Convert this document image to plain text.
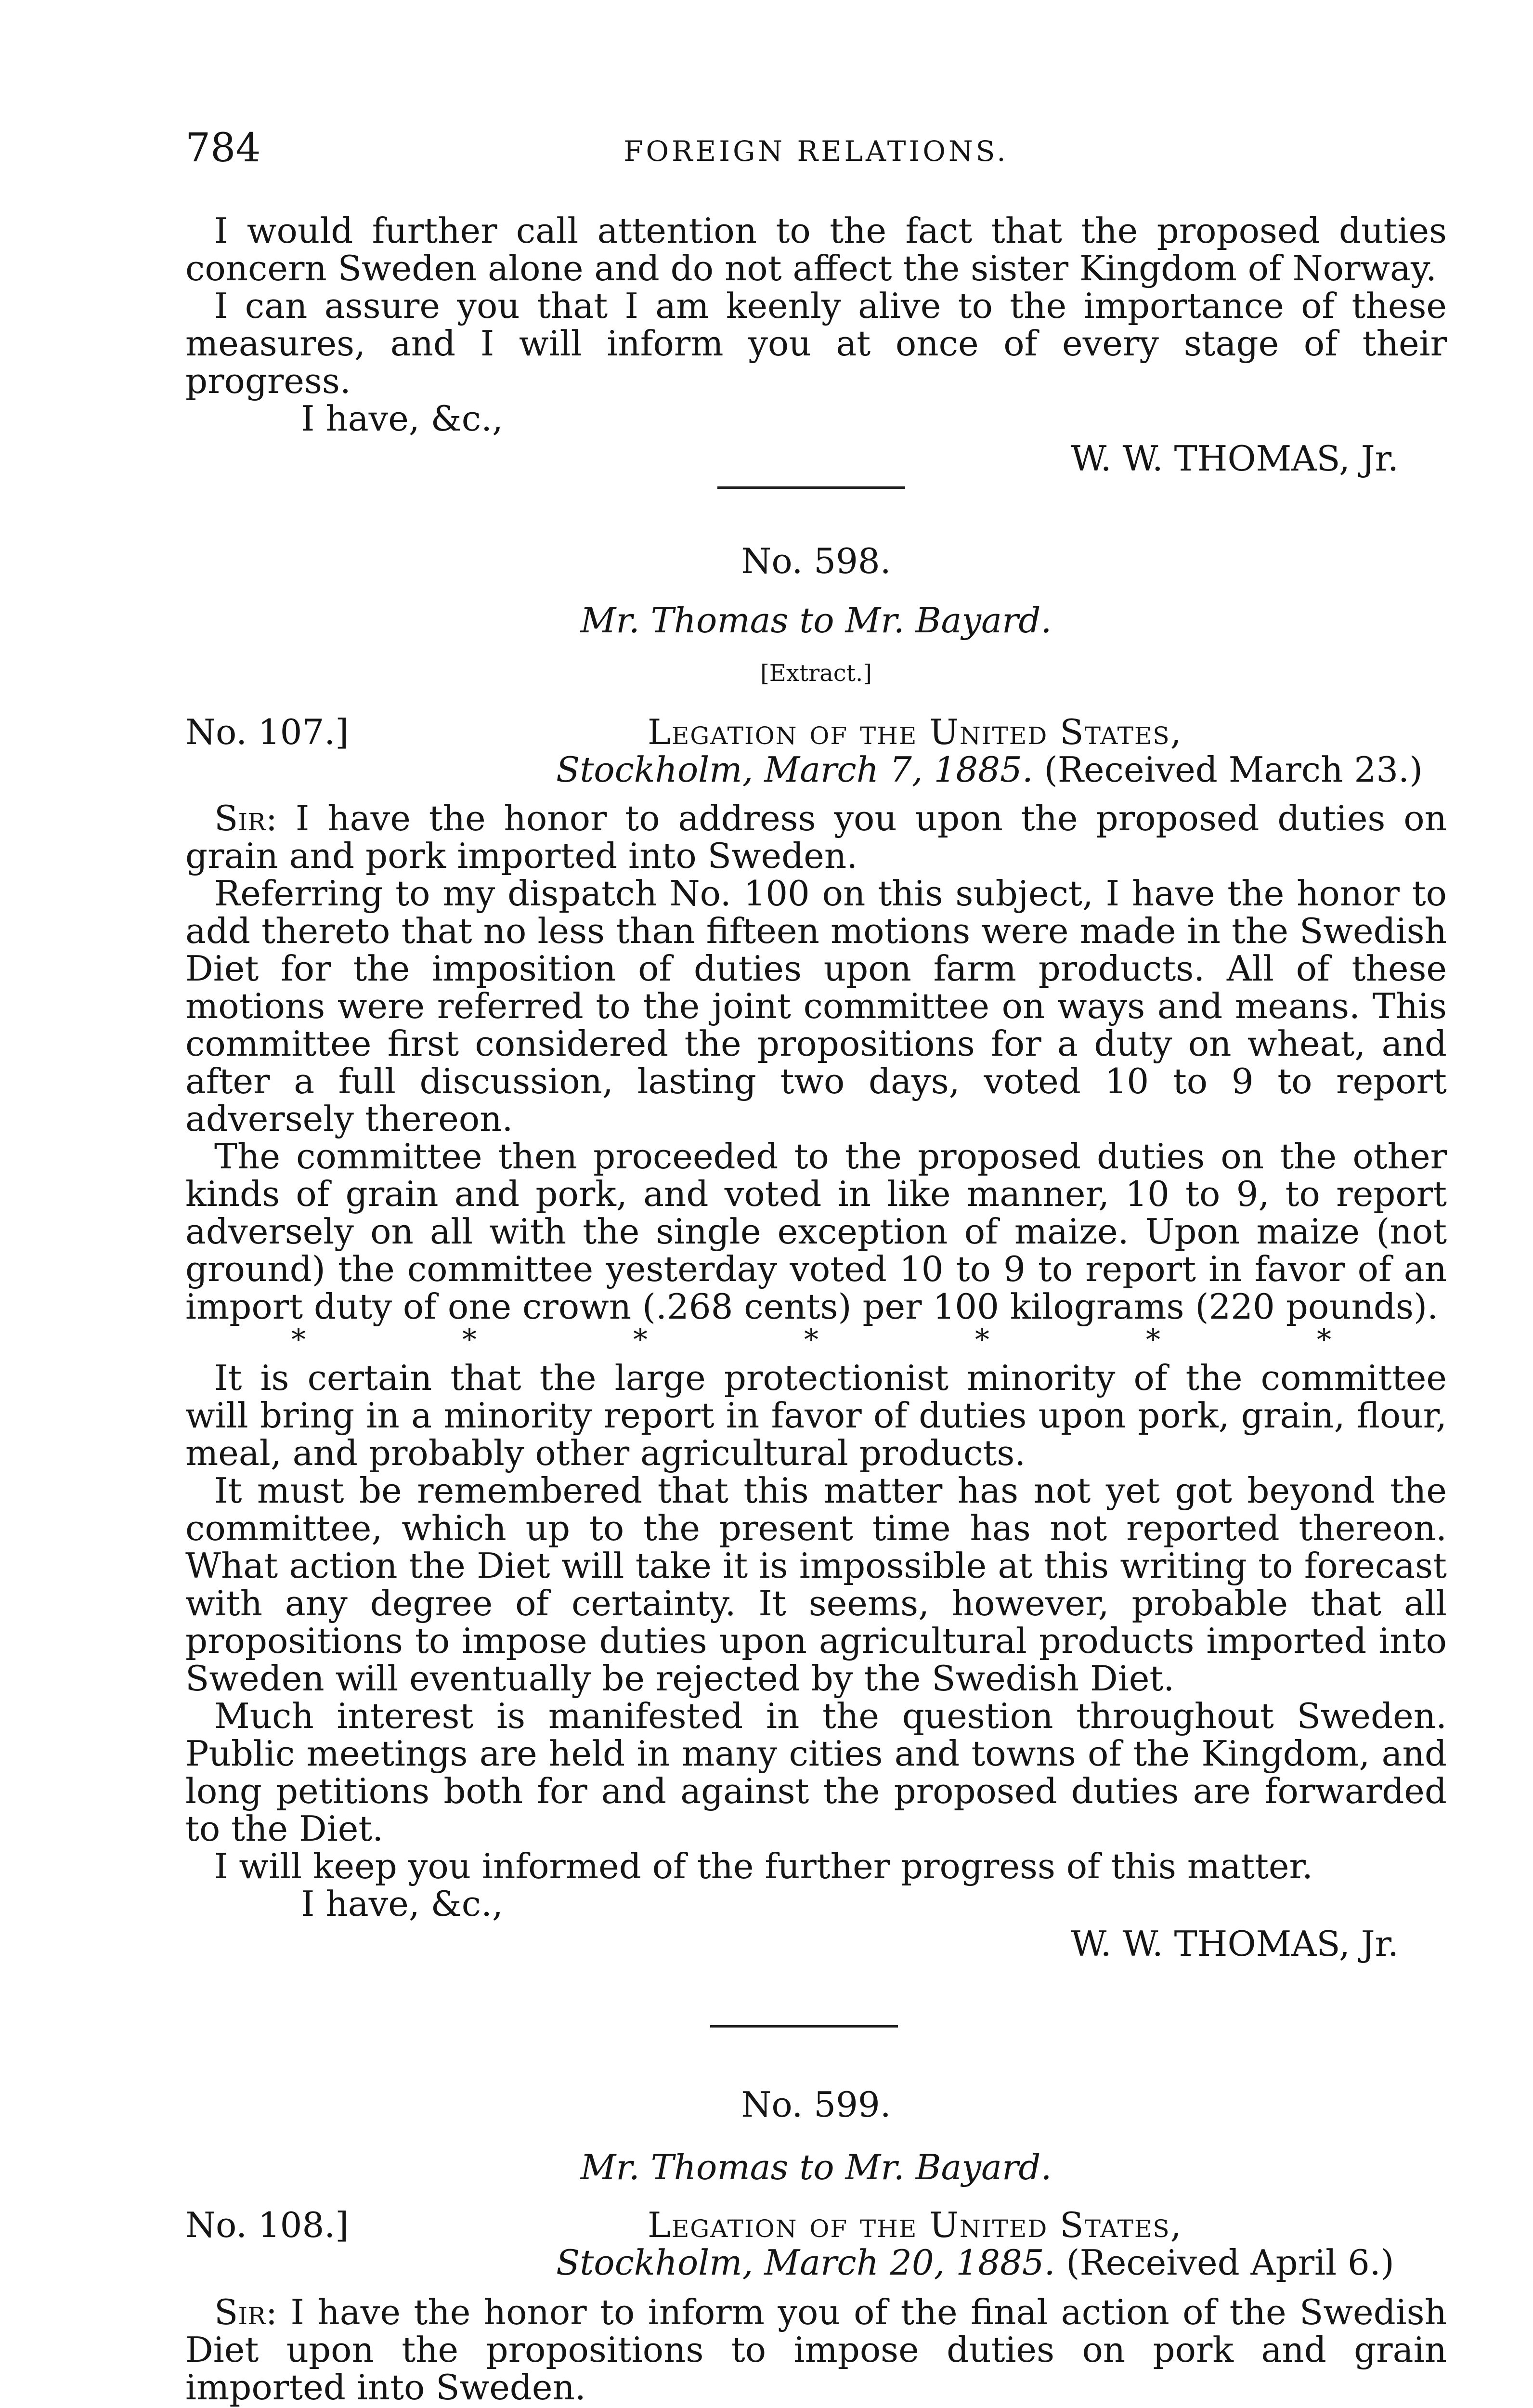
784	FOREIGN RELATIONS.

I would further call attention to the fact that the proposed duties concern Sweden alone and do not affect the sister Kingdom of Norway.

I can assure you that I am keenly alive to the importance of these measures, and I will inform you at once of every stage of their progress.

I have, &c.,
W. W. THOMAS, Jr.
No. 598.
Mr. Thomas to Mr. Bayard.
[Extract.]
No. 107.]	Legation of the United States,
Stockholm, March 7, 1885. (Received March 23.)

Sir: I have the honor to address you upon the proposed duties on grain and pork imported into Sweden.

Referring to my dispatch No. 100 on this subject, I have the honor to add thereto that no less than fifteen motions were made in the Swedish Diet for the imposition of duties upon farm products. All of these motions were referred to the joint committee on ways and means. This committee first considered the propositions for a duty on wheat, and after a full discussion, lasting two days, voted 10 to 9 to report adversely thereon.

The committee then proceeded to the proposed duties on the other kinds of grain and pork, and voted in like manner, 10 to 9, to report adversely on all with the single exception of maize. Upon maize (not ground) the committee yesterday voted 10 to 9 to report in favor of an import duty of one crown (.268 cents) per 100 kilograms (220 pounds).

*	*	*	*	*	*	*

It is certain that the large protectionist minority of the committee will bring in a minority report in favor of duties upon pork, grain, flour, meal, and probably other agricultural products.

It must be remembered that this matter has not yet got beyond the committee, which up to the present time has not reported thereon. What action the Diet will take it is impossible at this writing to forecast with any degree of certainty. It seems, however, probable that all propositions to impose duties upon agricultural products imported into Sweden will eventually be rejected by the Swedish Diet.

Much interest is manifested in the question throughout Sweden. Public meetings are held in many cities and towns of the Kingdom, and long petitions both for and against the proposed duties are forwarded to the Diet.

I will keep you informed of the further progress of this matter.

I have, &c.,
W. W. THOMAS, Jr.
No. 599.
Mr. Thomas to Mr. Bayard.
No. 108.]	Legation of the United States,
Stockholm, March 20, 1885. (Received April 6.)

Sir: I have the honor to inform you of the final action of the Swedish Diet upon the propositions to impose duties on pork and grain imported into Sweden.
